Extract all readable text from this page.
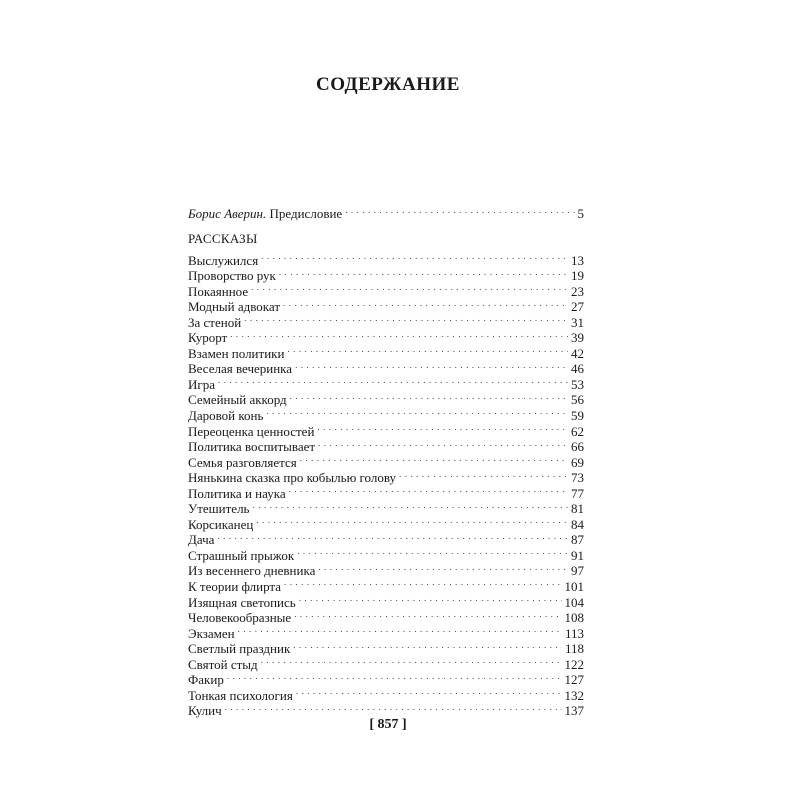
СОДЕРЖАНИЕ
Борис Аверин. Предисловие . . .	5
РАССКАЗЫ
Выслужился . . .	13
Проворство рук . . .	19
Покаянное . . .	23
Модный адвокат . . .	27
За стеной . . .	31
Курорт . . .	39
Взамен политики . . .	42
Веселая вечеринка . . .	46
Игра . . .	53
Семейный аккорд . . .	56
Даровой конь . . .	59
Переоценка ценностей . . .	62
Политика воспитывает . . .	66
Семья разговляется . . .	69
Нянькина сказка про кобылью голову . . .	73
Политика и наука . . .	77
Утешитель . . .	81
Корсиканец . . .	84
Дача . . .	87
Страшный прыжок . . .	91
Из весеннего дневника . . .	97
К теории флирта . . .	101
Изящная светопись . . .	104
Человекообразные . . .	108
Экзамен . . .	113
Светлый праздник . . .	118
Святой стыд . . .	122
Факир . . .	127
Тонкая психология . . .	132
Кулич . . .	137
[ 857 ]
